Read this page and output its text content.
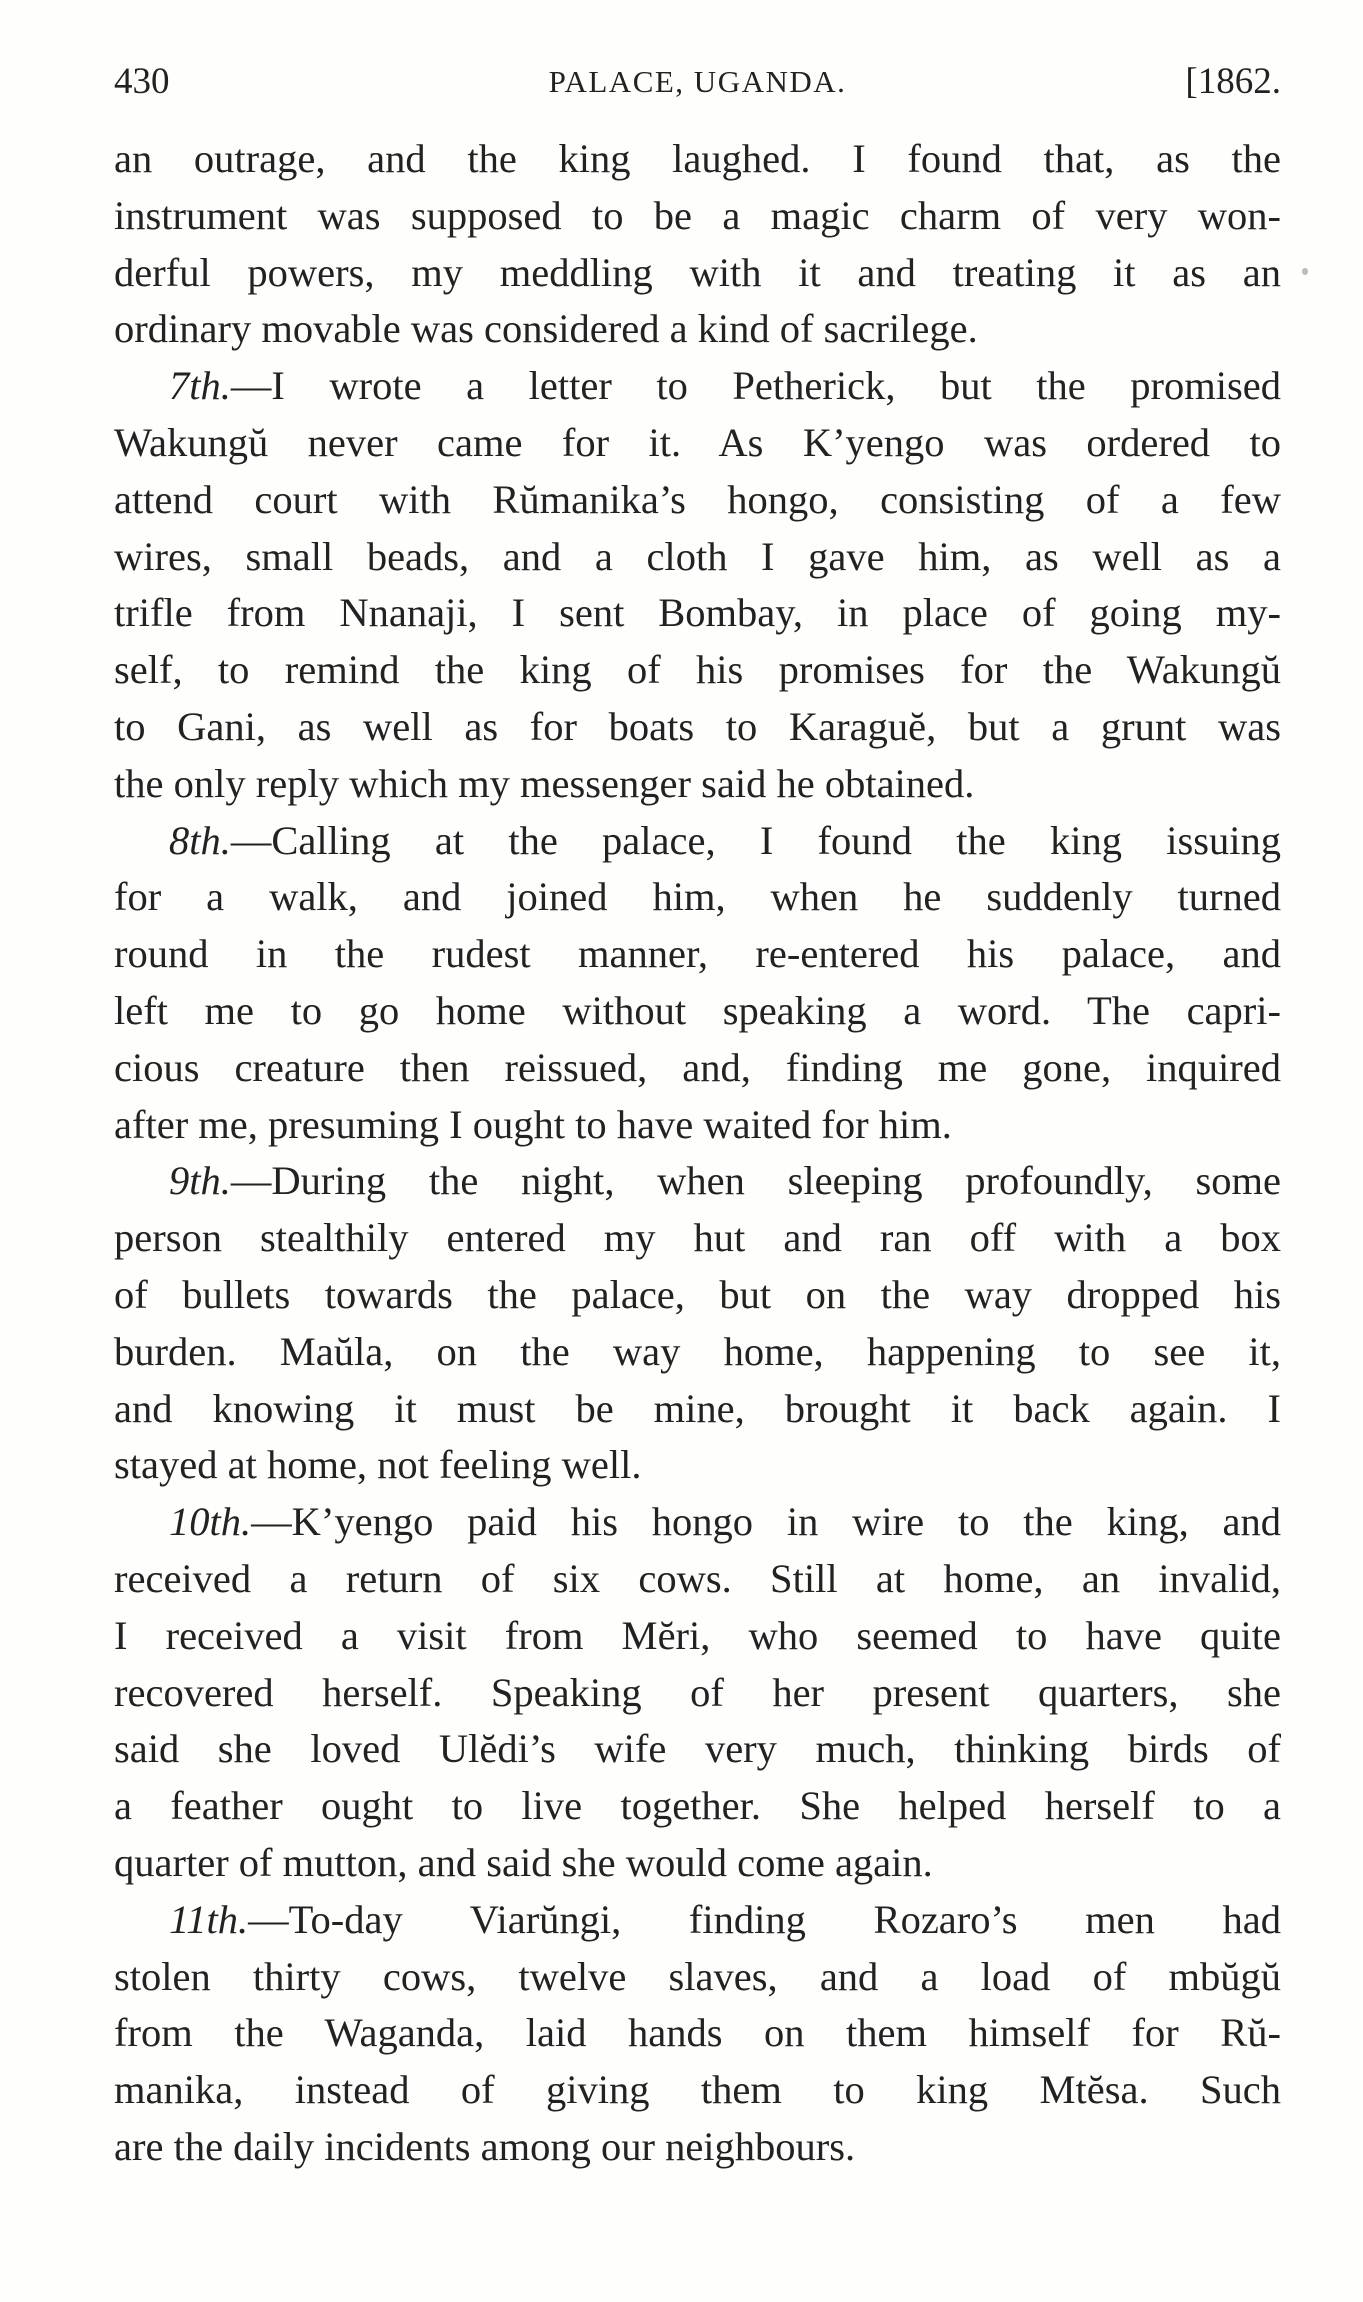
430	PALACE, UGANDA.	[1862.
an outrage, and the king laughed. I found that, as the
instrument was supposed to be a magic charm of very won-
derful powers, my meddling with it and treating it as an
ordinary movable was considered a kind of sacrilege.
7th.—I wrote a letter to Petherick, but the promised
Wakungŭ never came for it. As K’yengo was ordered to
attend court with Rŭmanika’s hongo, consisting of a few
wires, small beads, and a cloth I gave him, as well as a
trifle from Nnanaji, I sent Bombay, in place of going my-
self, to remind the king of his promises for the Wakungŭ
to Gani, as well as for boats to Karaguĕ, but a grunt was
the only reply which my messenger said he obtained.
8th.—Calling at the palace, I found the king issuing
for a walk, and joined him, when he suddenly turned
round in the rudest manner, re-entered his palace, and
left me to go home without speaking a word. The capri-
cious creature then reissued, and, finding me gone, inquired
after me, presuming I ought to have waited for him.
9th.—During the night, when sleeping profoundly, some
person stealthily entered my hut and ran off with a box
of bullets towards the palace, but on the way dropped his
burden. Maŭla, on the way home, happening to see it,
and knowing it must be mine, brought it back again. I
stayed at home, not feeling well.
10th.—K’yengo paid his hongo in wire to the king, and
received a return of six cows. Still at home, an invalid,
I received a visit from Mĕri, who seemed to have quite
recovered herself. Speaking of her present quarters, she
said she loved Ulĕdi’s wife very much, thinking birds of
a feather ought to live together. She helped herself to a
quarter of mutton, and said she would come again.
11th.—To-day Viarŭngi, finding Rozaro’s men had
stolen thirty cows, twelve slaves, and a load of mbŭgŭ
from the Waganda, laid hands on them himself for Rŭ-
manika, instead of giving them to king Mtĕsa. Such
are the daily incidents among our neighbours.
